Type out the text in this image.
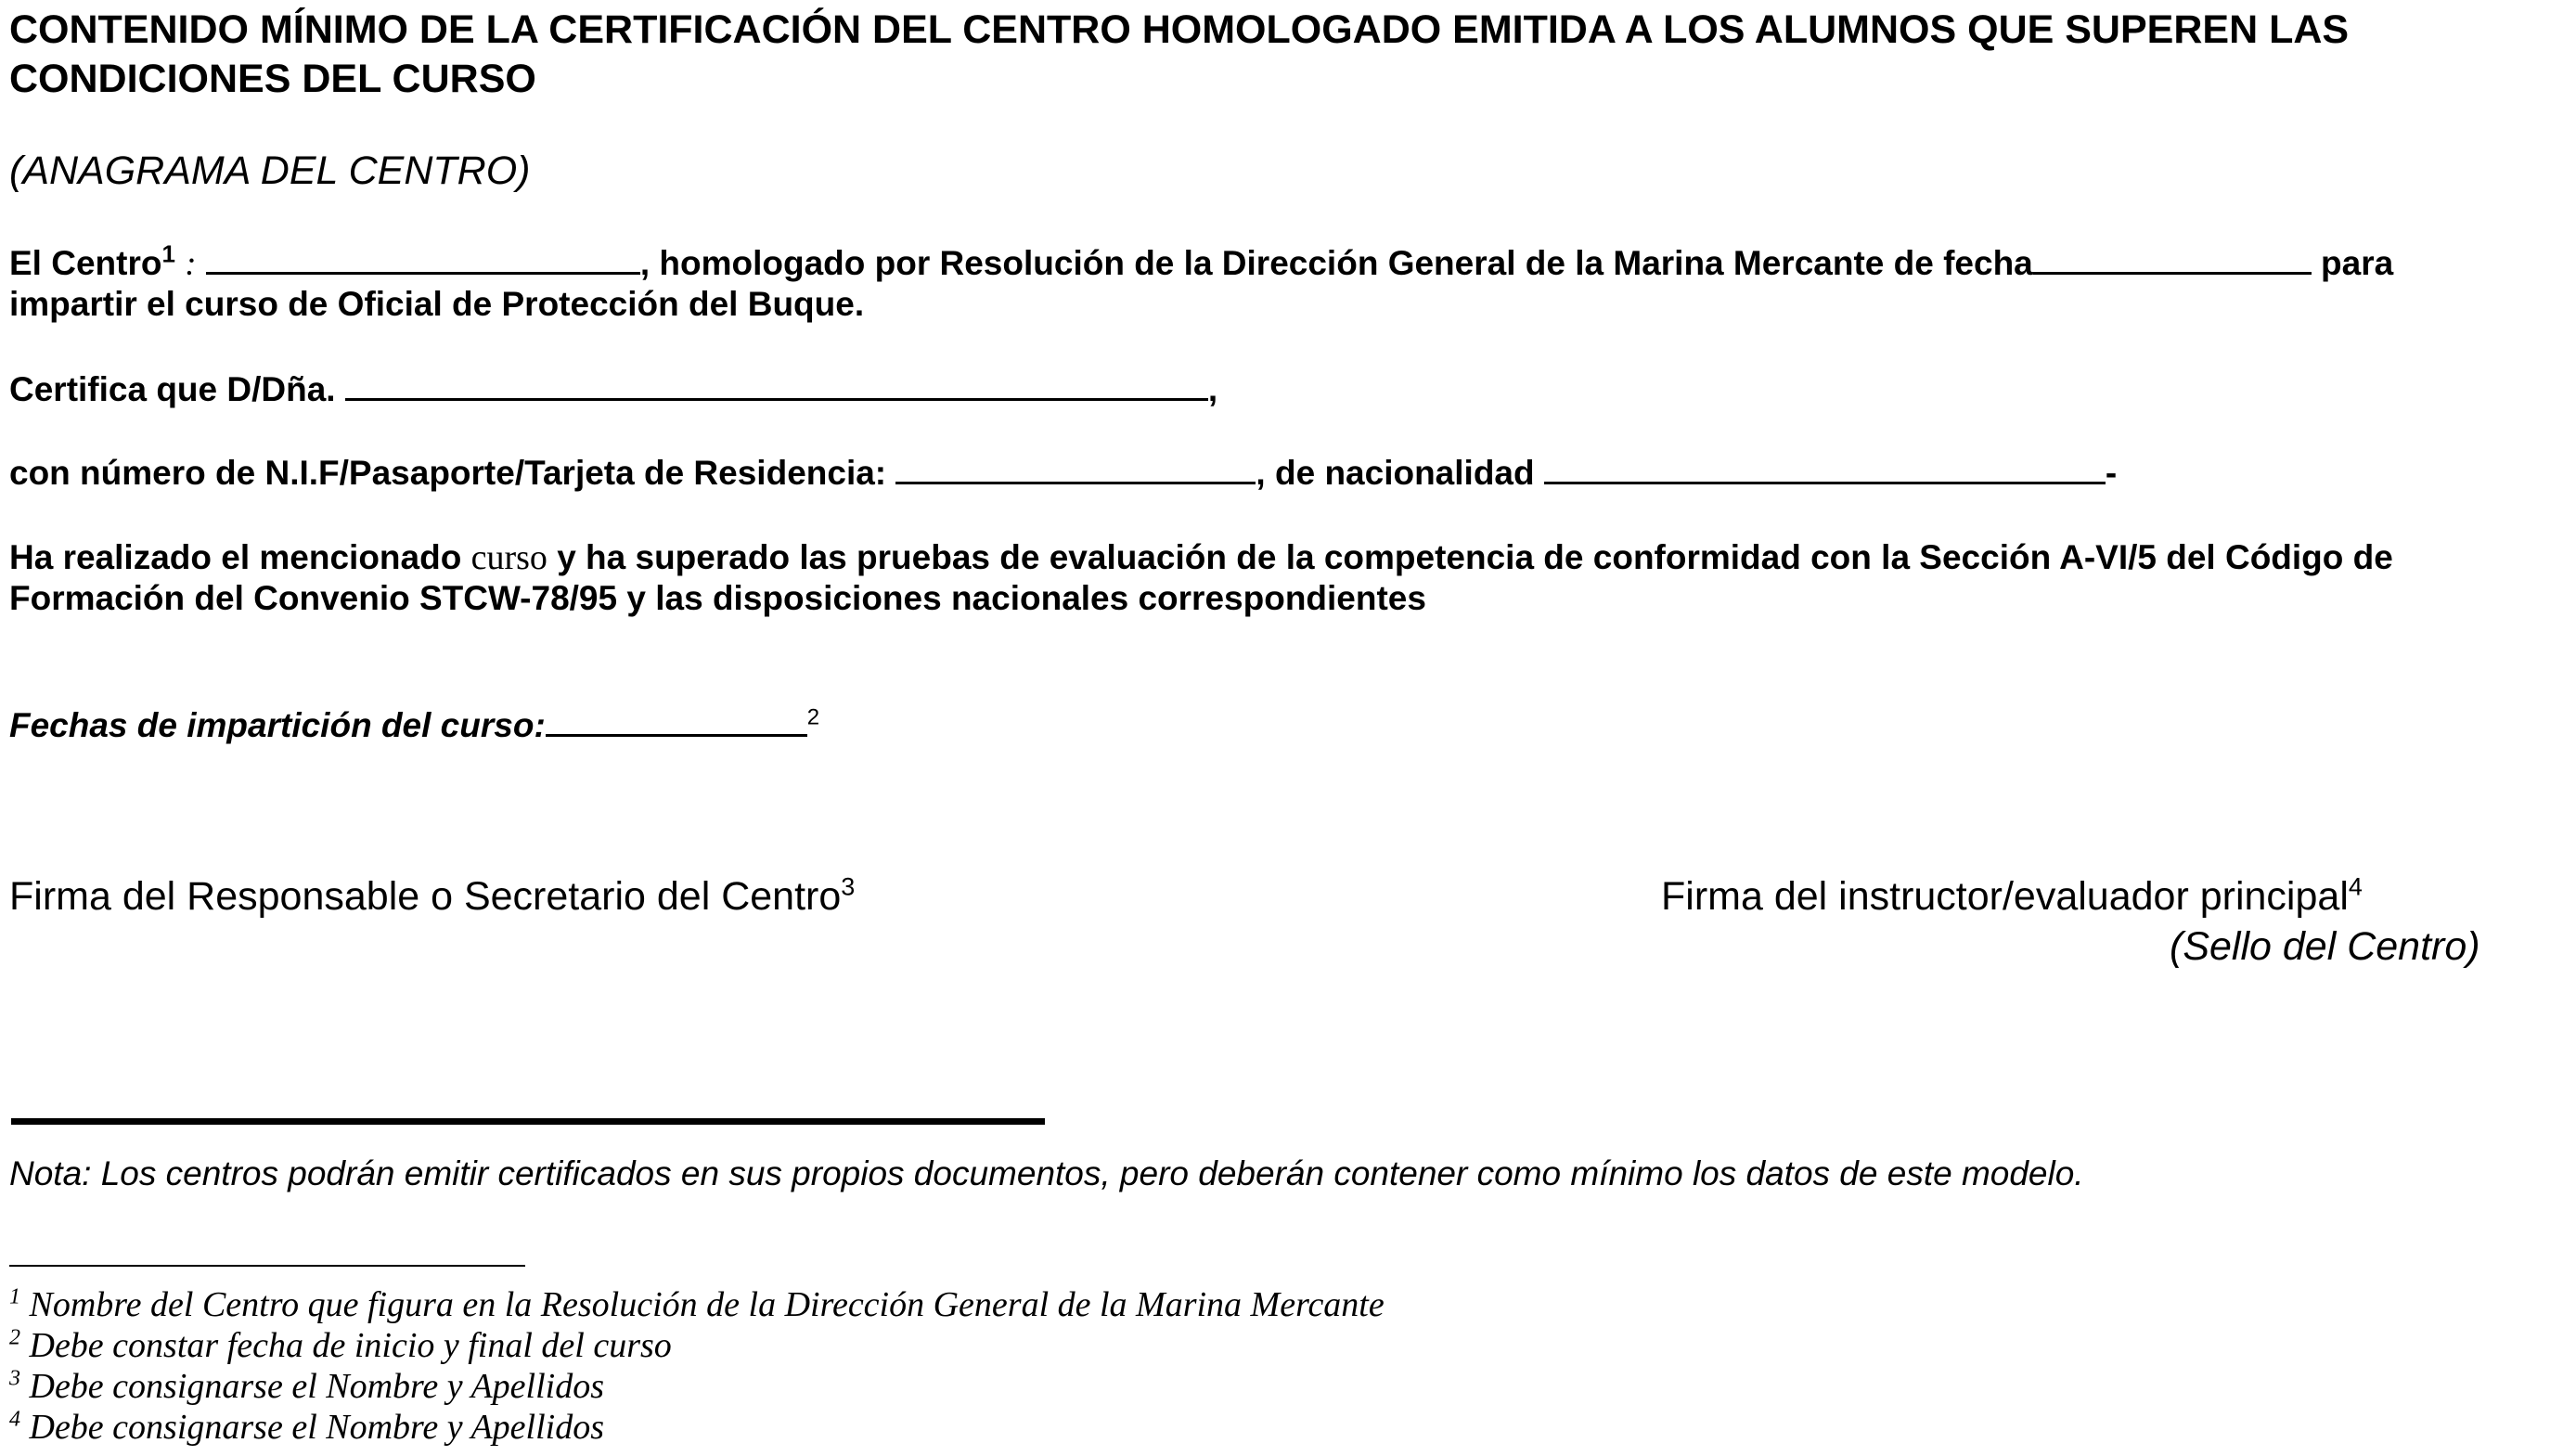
CONTENIDO MÍNIMO DE LA CERTIFICACIÓN DEL CENTRO HOMOLOGADO EMITIDA A LOS ALUMNOS QUE SUPEREN LAS CONDICIONES DEL CURSO
(ANAGRAMA DEL CENTRO)
El Centro$^1$ :	, homologado por Resolución de la Dirección General de la Marina Mercante de fecha	para
impartir el curso de Oficial de Protección del Buque.
Certifica que D/Dña.	,
con número de N.I.F/Pasaporte/Tarjeta de Residencia:	, de nacionalidad	-
Ha realizado el mencionado curso y ha superado las pruebas de evaluación de la competencia de conformidad con la Sección A-VI/5 del Código de
Formación del Convenio STCW-78/95 y las disposiciones nacionales correspondientes
Fechas de impartición del curso:	$^2$
Firma del Responsable o Secretario del Centro$^3$	Firma del instructor/evaluador principal$^4$
(Sello del Centro)
Nota: Los centros podrán emitir certificados en sus propios documentos, pero deberán contener como mínimo los datos de este modelo.
$^1$ Nombre del Centro que figura en la Resolución de la Dirección General de la Marina Mercante
$^2$ Debe constar fecha de inicio y final del curso
$^3$ Debe consignarse el Nombre y Apellidos
$^4$ Debe consignarse el Nombre y Apellidos
